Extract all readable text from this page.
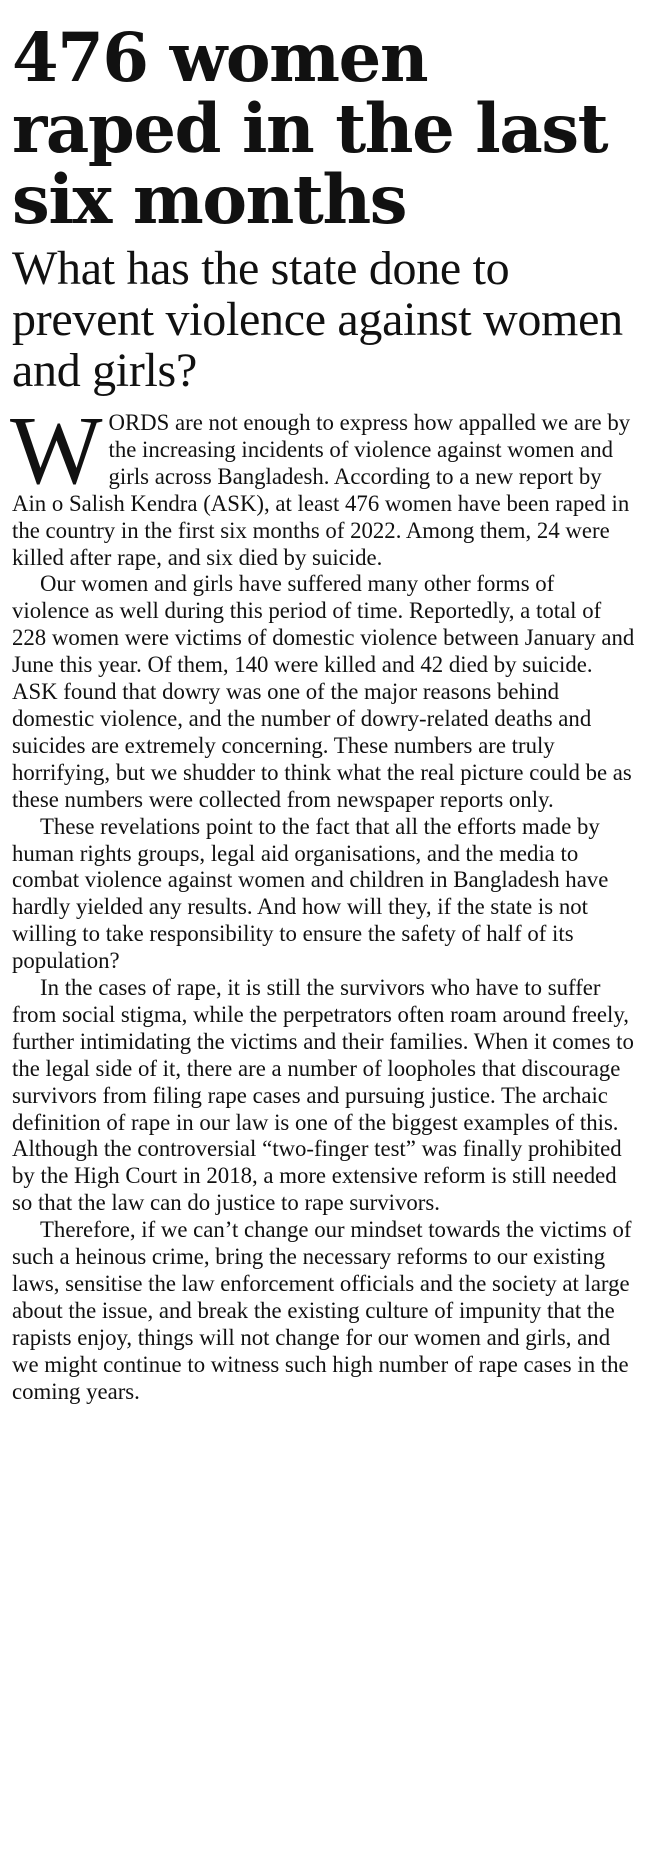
476 women raped in the last six months
What has the state done to prevent violence against women and girls?

WORDS are not enough to express how appalled we are by the increasing incidents of violence against women and girls across Bangladesh. According to a new report by Ain o Salish Kendra (ASK), at least 476 women have been raped in the country in the first six months of 2022. Among them, 24 were killed after rape, and six died by suicide.

Our women and girls have suffered many other forms of violence as well during this period of time. Reportedly, a total of 228 women were victims of domestic violence between January and June this year. Of them, 140 were killed and 42 died by suicide. ASK found that dowry was one of the major reasons behind domestic violence, and the number of dowry-related deaths and suicides are extremely concerning. These numbers are truly horrifying, but we shudder to think what the real picture could be as these numbers were collected from newspaper reports only.

These revelations point to the fact that all the efforts made by human rights groups, legal aid organisations, and the media to combat violence against women and children in Bangladesh have hardly yielded any results. And how will they, if the state is not willing to take responsibility to ensure the safety of half of its population?

In the cases of rape, it is still the survivors who have to suffer from social stigma, while the perpetrators often roam around freely, further intimidating the victims and their families. When it comes to the legal side of it, there are a number of loopholes that discourage survivors from filing rape cases and pursuing justice. The archaic definition of rape in our law is one of the biggest examples of this. Although the controversial “two-finger test” was finally prohibited by the High Court in 2018, a more extensive reform is still needed so that the law can do justice to rape survivors.

Therefore, if we can’t change our mindset towards the victims of such a heinous crime, bring the necessary reforms to our existing laws, sensitise the law enforcement officials and the society at large about the issue, and break the existing culture of impunity that the rapists enjoy, things will not change for our women and girls, and we might continue to witness such high number of rape cases in the coming years.
